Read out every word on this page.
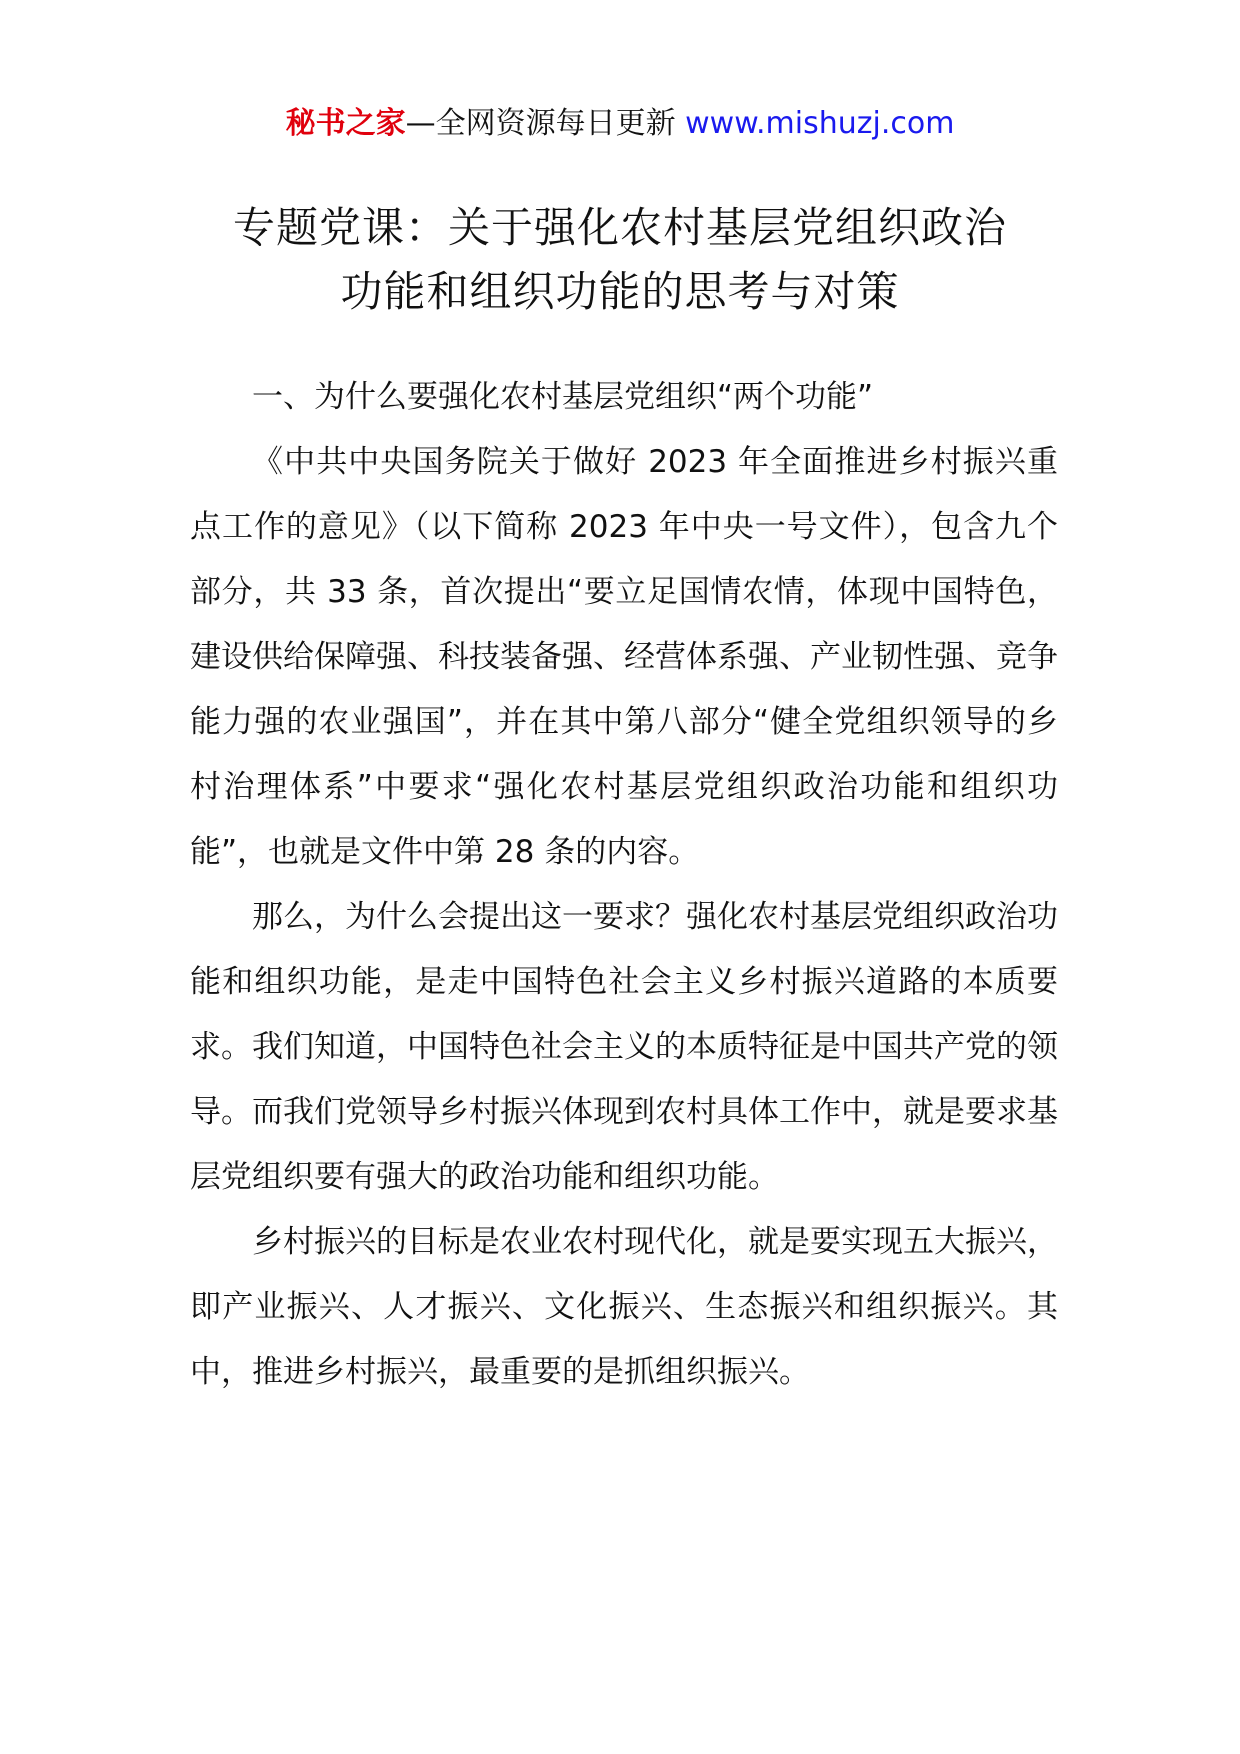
秘书之家—全网资源每日更新 www.mishuzj.com
专题党课：关于强化农村基层党组织政治
功能和组织功能的思考与对策

一、为什么要强化农村基层党组织“两个功能”

《中共中央国务院关于做好 2023 年全面推进乡村振兴重点工作的意见》（以下简称 2023 年中央一号文件），包含九个部分，共 33 条，首次提出“要立足国情农情，体现中国特色，建设供给保障强、科技装备强、经营体系强、产业韧性强、竞争能力强的农业强国”，并在其中第八部分“健全党组织领导的乡村治理体系”中要求“强化农村基层党组织政治功能和组织功能”，也就是文件中第 28 条的内容。

那么，为什么会提出这一要求？强化农村基层党组织政治功能和组织功能，是走中国特色社会主义乡村振兴道路的本质要求。我们知道，中国特色社会主义的本质特征是中国共产党的领导。而我们党领导乡村振兴体现到农村具体工作中，就是要求基层党组织要有强大的政治功能和组织功能。

乡村振兴的目标是农业农村现代化，就是要实现五大振兴，即产业振兴、人才振兴、文化振兴、生态振兴和组织振兴。其中，推进乡村振兴，最重要的是抓组织振兴。
